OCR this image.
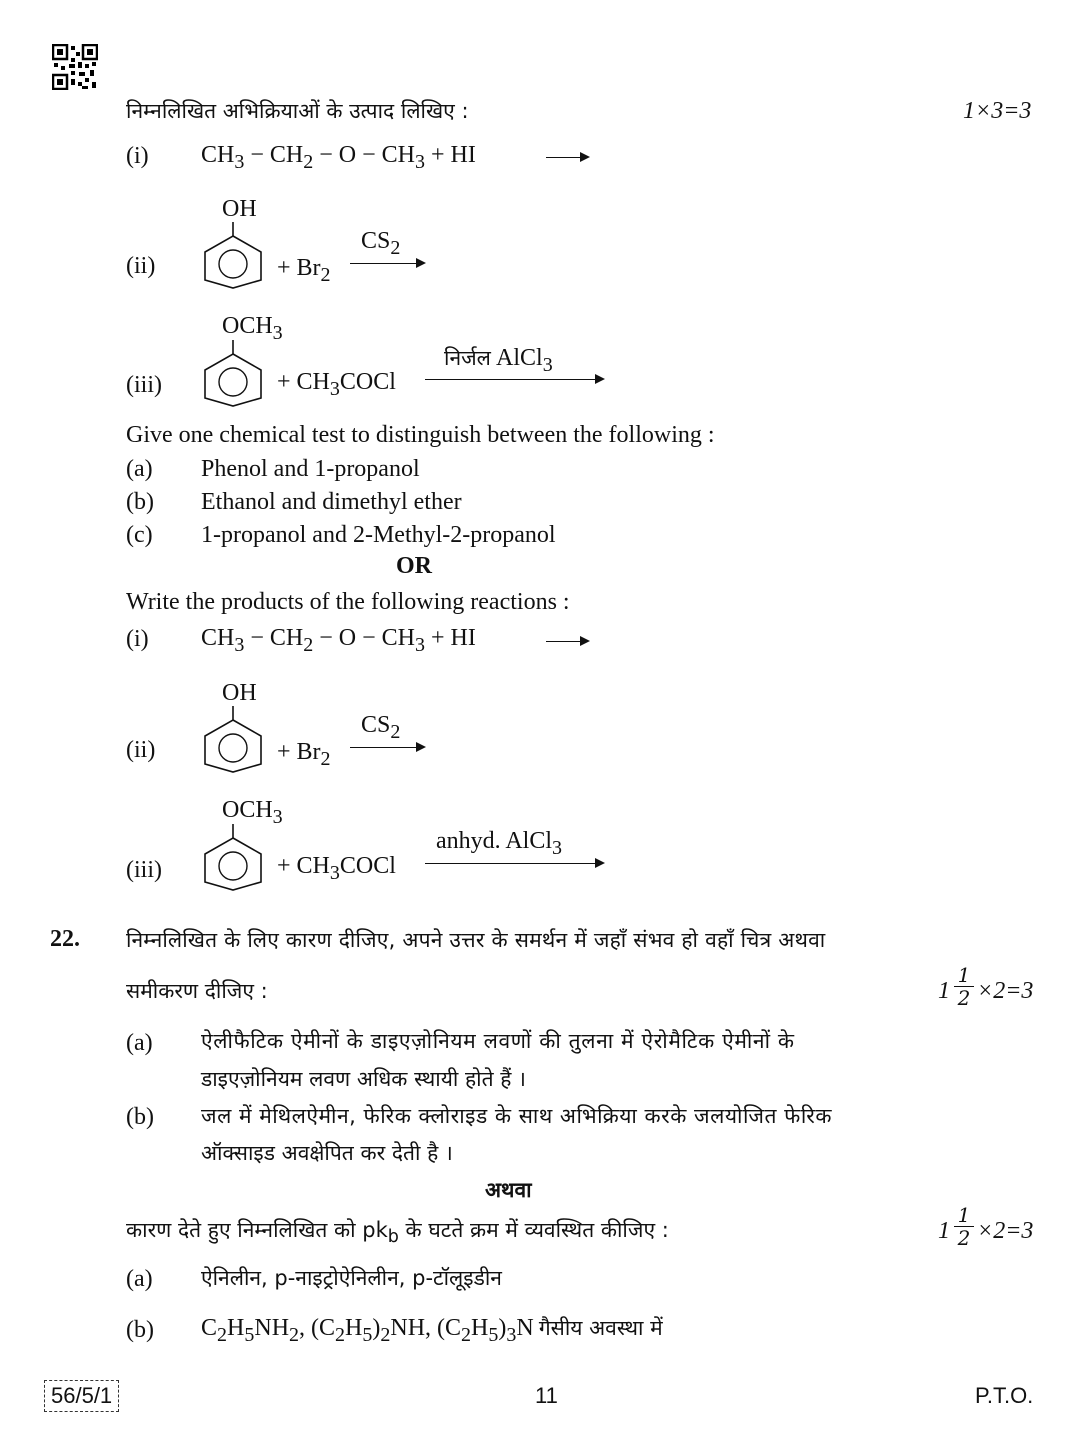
निम्नलिखित अभिक्रियाओं के उत्पाद लिखिए :	1×3=3
(i) $CH_3 - CH_2 - O - CH_3$ + HI
OH
(ii)	+ $Br_2$
$CS_2$
$OCH_3$
(iii)	+ $CH_3COCl$
निर्जल AlCl$_3$
Give one chemical test to distinguish between the following :
(a) Phenol and 1-propanol
(b) Ethanol and dimethyl ether
(c) 1-propanol and 2-Methyl-2-propanol
OR
Write the products of the following reactions :
(i) $CH_3 - CH_2 - O - CH_3$ + HI
OH
(ii)	+ $Br_2$
$CS_2$
$OCH_3$
(iii)	+ $CH_3COCl$
anhyd. AlCl$_3$
22. निम्नलिखित के लिए कारण दीजिए, अपने उत्तर के समर्थन में जहाँ संभव हो वहाँ चित्र अथवा
समीकरण दीजिए :	1
1
2 ×2=3
(a) ऐलीफैटिक ऐमीनों के डाइएज़ोनियम लवणों की तुलना में ऐरोमैटिक ऐमीनों के
डाइएज़ोनियम लवण अधिक स्थायी होते हैं ।
(b) जल में मेथिलऐमीन, फेरिक क्लोराइड के साथ अभिक्रिया करके जलयोजित फेरिक
ऑक्साइड अवक्षेपित कर देती है ।
अथवा
कारण देते हुए निम्नलिखित को $pk_b$ के घटते क्रम में व्यवस्थित कीजिए :	1
1
2 ×2=3
(a) ऐनिलीन, p-नाइट्रोऐनिलीन, p-टॉलूइडीन
(b) $C_2H_5NH_2$, $(C_2H_5)_2NH$, $(C_2H_5)_3N$ गैसीय अवस्था में
56/5/1	11	P.T.O.
